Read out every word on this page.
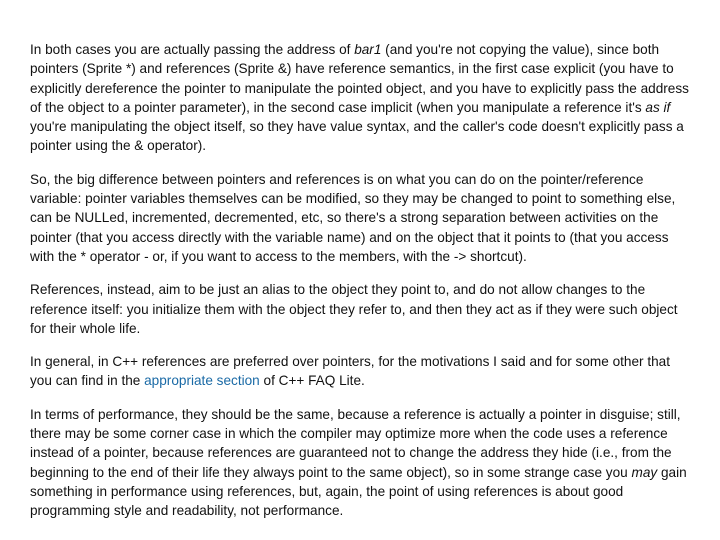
In both cases you are actually passing the address of bar1 (and you're not copying the value), since both pointers (Sprite *) and references (Sprite &) have reference semantics, in the first case explicit (you have to explicitly dereference the pointer to manipulate the pointed object, and you have to explicitly pass the address of the object to a pointer parameter), in the second case implicit (when you manipulate a reference it's as if you're manipulating the object itself, so they have value syntax, and the caller's code doesn't explicitly pass a pointer using the & operator).

So, the big difference between pointers and references is on what you can do on the pointer/reference variable: pointer variables themselves can be modified, so they may be changed to point to something else, can be NULLed, incremented, decremented, etc, so there's a strong separation between activities on the pointer (that you access directly with the variable name) and on the object that it points to (that you access with the * operator - or, if you want to access to the members, with the -> shortcut).

References, instead, aim to be just an alias to the object they point to, and do not allow changes to the reference itself: you initialize them with the object they refer to, and then they act as if they were such object for their whole life.

In general, in C++ references are preferred over pointers, for the motivations I said and for some other that you can find in the appropriate section of C++ FAQ Lite.

In terms of performance, they should be the same, because a reference is actually a pointer in disguise; still, there may be some corner case in which the compiler may optimize more when the code uses a reference instead of a pointer, because references are guaranteed not to change the address they hide (i.e., from the beginning to the end of their life they always point to the same object), so in some strange case you may gain something in performance using references, but, again, the point of using references is about good programming style and readability, not performance.
